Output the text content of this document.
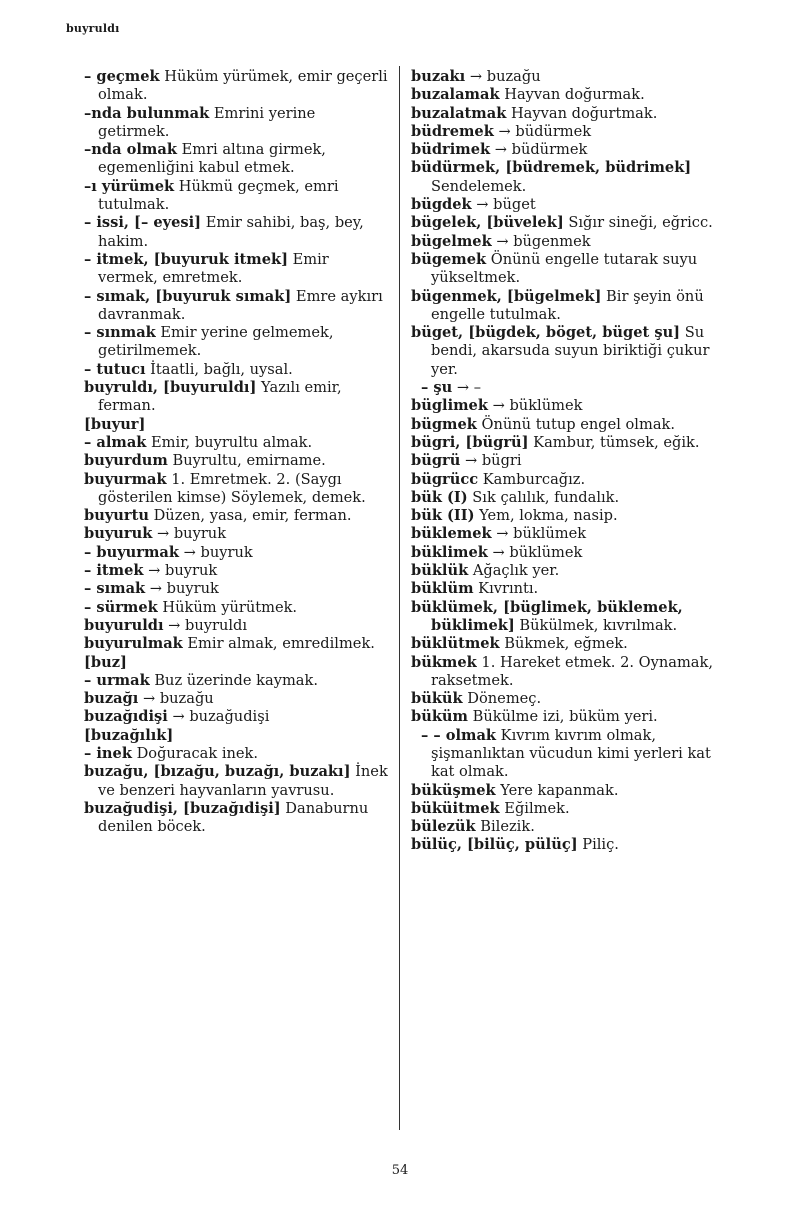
buyruldı

– geçmek Hüküm yürümek, emir geçerli olmak.

–nda bulunmak Emrini yerine getirmek.

–nda olmak Emri altına girmek, egemenliğini kabul etmek.

–ı yürümek Hükmü geçmek, emri tutulmak.

– issi, [– eyesi] Emir sahibi, baş, bey, hakim.

– itmek, [buyuruk itmek] Emir vermek, emretmek.

– sımak, [buyuruk sımak] Emre aykırı davranmak.

– sınmak Emir yerine gelmemek, getirilmemek.

– tutucı İtaatli, bağlı, uysal.

buyruldı, [buyuruldı] Yazılı emir, ferman.

[buyur]

– almak Emir, buyrultu almak.

buyurdum Buyrultu, emirname.

buyurmak 1. Emretmek. 2. (Saygı gösterilen kimse) Söylemek, demek.

buyurtu Düzen, yasa, emir, ferman.

buyuruk → buyruk

– buyurmak → buyruk

– itmek → buyruk

– sımak → buyruk

– sürmek Hüküm yürütmek.

buyuruldı → buyruldı

buyurulmak Emir almak, emredilmek.

[buz]

– urmak Buz üzerinde kaymak.

buzağı → buzağu

buzağıdişi → buzağudişi

[buzağılık]

– inek Doğuracak inek.

buzağu, [bızağu, buzağı, buzakı] İnek ve benzeri hayvanların yavrusu.

buzağudişi, [buzağıdişi] Danaburnu denilen böcek.

buzakı → buzağu

buzalamak Hayvan doğurmak.

buzalatmak Hayvan doğurtmak.

büdremek → büdürmek

büdrimek → büdürmek

büdürmek, [büdremek, büdrimek] Sendelemek.

bügdek → büget

bügelek, [büvelek] Sığır sineği, eğricc.

bügelmek → bügenmek

bügemek Önünü engelle tutarak suyu yükseltmek.

bügenmek, [bügelmek] Bir şeyin önü engelle tutulmak.

büget, [bügdek, böget, büget şu] Su bendi, akarsuda suyun biriktiği çukur yer.

– şu → –

büglimek → büklümek

bügmek Önünü tutup engel olmak.

bügri, [bügrü] Kambur, tümsek, eğik.

bügrü → bügri

bügrücc Kamburcağız.

bük (I) Sık çalılık, fundalık.

bük (II) Yem, lokma, nasip.

büklemek → büklümek

büklimek → büklümek

büklük Ağaçlık yer.

büklüm Kıvrıntı.

büklümek, [büglimek, büklemek, büklimek] Bükülmek, kıvrılmak.

büklütmek Bükmek, eğmek.

bükmek 1. Hareket etmek. 2. Oynamak, raksetmek.

bükük Dönemeç.

büküm Bükülme izi, büküm yeri.

– – olmak Kıvrım kıvrım olmak, şişmanlıktan vücudun kimi yerleri kat kat olmak.

büküşmek Yere kapanmak.

büküitmek Eğilmek.

bülezük Bilezik.

bülüç, [bilüç, pülüç] Piliç.

54
